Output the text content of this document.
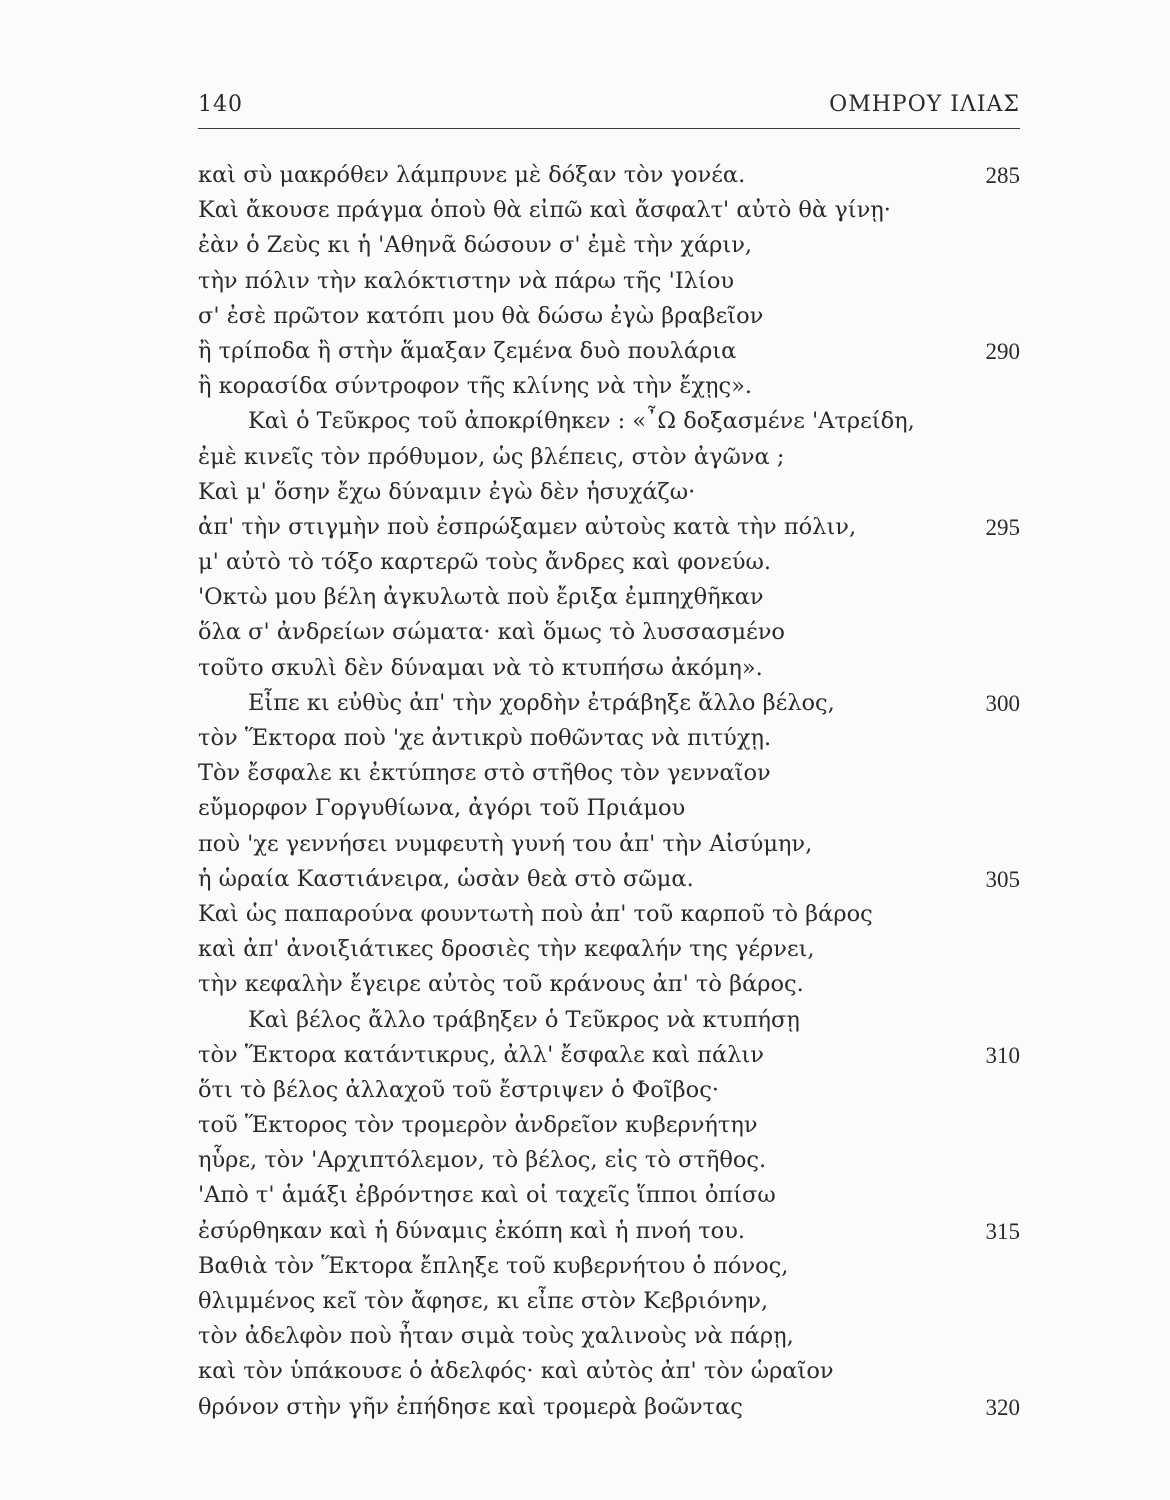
140	ΟΜΗΡΟΥ ΙΛΙΑΣ
καὶ σὺ μακρόθεν λάμπρυνε μὲ δόξαν τὸν γονέα.	285
Καὶ ἄκουσε πράγμα ὁποὺ θὰ εἰπῶ καὶ ἄσφαλτ' αὐτὸ θὰ γίνῃ·
ἐὰν ὁ Ζεὺς κι ἡ 'Αθηνᾶ δώσουν σ' ἐμὲ τὴν χάριν,
τὴν πόλιν τὴν καλόκτιστην νὰ πάρω τῆς 'Ιλίου
σ' ἐσὲ πρῶτον κατόπι μου θὰ δώσω ἐγὼ βραβεῖον
ἢ τρίποδα ἢ στὴν ἅμαξαν ζεμένα δυὸ πουλάρια	290
ἢ κορασίδα σύντροφον τῆς κλίνης νὰ τὴν ἔχῃς».
Καὶ ὁ Τεῦκρος τοῦ ἀποκρίθηκεν : «῏Ω δοξασμένε 'Ατρείδη,
ἐμὲ κινεῖς τὸν πρόθυμον, ὡς βλέπεις, στὸν ἀγῶνα ;
Καὶ μ' ὅσην ἔχω δύναμιν ἐγὼ δὲν ἡσυχάζω·
ἀπ' τὴν στιγμὴν ποὺ ἐσπρώξαμεν αὐτοὺς κατὰ τὴν πόλιν,	295
μ' αὐτὸ τὸ τόξο καρτερῶ τοὺς ἄνδρες καὶ φονεύω.
'Οκτὼ μου βέλη ἀγκυλωτὰ ποὺ ἔριξα ἐμπηχθῆκαν
ὅλα σ' ἀνδρείων σώματα· καὶ ὅμως τὸ λυσσασμένο
τοῦτο σκυλὶ δὲν δύναμαι νὰ τὸ κτυπήσω ἀκόμη».
Εἶπε κι εὐθὺς ἀπ' τὴν χορδὴν ἐτράβηξε ἄλλο βέλος,	300
τὸν Ἕκτορα ποὺ 'χε ἀντικρὺ ποθῶντας νὰ πιτύχῃ.
Τὸν ἔσφαλε κι ἐκτύπησε στὸ στῆθος τὸν γενναῖον
εὔμορφον Γοργυθίωνα, ἀγόρι τοῦ Πριάμου
ποὺ 'χε γεννήσει νυμφευτὴ γυνή του ἀπ' τὴν Αἰσύμην,
ἡ ὡραία Καστιάνειρα, ὡσὰν θεὰ στὸ σῶμα.	305
Καὶ ὡς παπαρούνα φουντωτὴ ποὺ ἀπ' τοῦ καρποῦ τὸ βάρος
καὶ ἀπ' ἀνοιξιάτικες δροσιὲς τὴν κεφαλήν της γέρνει,
τὴν κεφαλὴν ἔγειρε αὐτὸς τοῦ κράνους ἀπ' τὸ βάρος.
Καὶ βέλος ἄλλο τράβηξεν ὁ Τεῦκρος νὰ κτυπήσῃ
τὸν Ἕκτορα κατάντικρυς, ἀλλ' ἔσφαλε καὶ πάλιν	310
ὅτι τὸ βέλος ἀλλαχοῦ τοῦ ἔστριψεν ὁ Φοῖβος·
τοῦ Ἕκτορος τὸν τρομερὸν ἀνδρεῖον κυβερνήτην
ηὗρε, τὸν 'Αρχιπτόλεμον, τὸ βέλος, εἰς τὸ στῆθος.
'Απὸ τ' ἁμάξι ἐβρόντησε καὶ οἱ ταχεῖς ἵπποι ὀπίσω
ἐσύρθηκαν καὶ ἡ δύναμις ἐκόπη καὶ ἡ πνοή του.	315
Βαθιὰ τὸν Ἕκτορα ἔπληξε τοῦ κυβερνήτου ὁ πόνος,
θλιμμένος κεῖ τὸν ἄφησε, κι εἶπε στὸν Κεβριόνην,
τὸν ἀδελφὸν ποὺ ἦταν σιμὰ τοὺς χαλινοὺς νὰ πάρῃ,
καὶ τὸν ὑπάκουσε ὁ ἀδελφός· καὶ αὐτὸς ἀπ' τὸν ὡραῖον
θρόνον στὴν γῆν ἐπήδησε καὶ τρομερὰ βοῶντας	320
